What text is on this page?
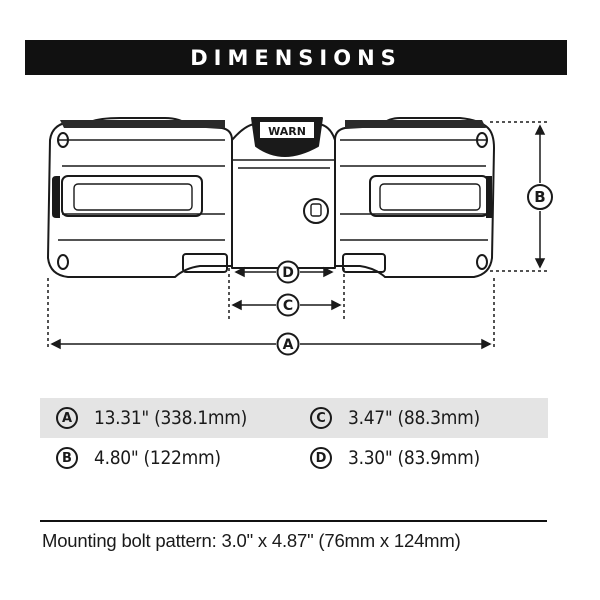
DIMENSIONS
WARN
A
C
D
B
A	13.31" (338.1mm)	C	3.47" (88.3mm)
B	4.80" (122mm)	D 3.30" (83.9mm)
Mounting bolt pattern: 3.0" x 4.87" (76mm x 124mm)
